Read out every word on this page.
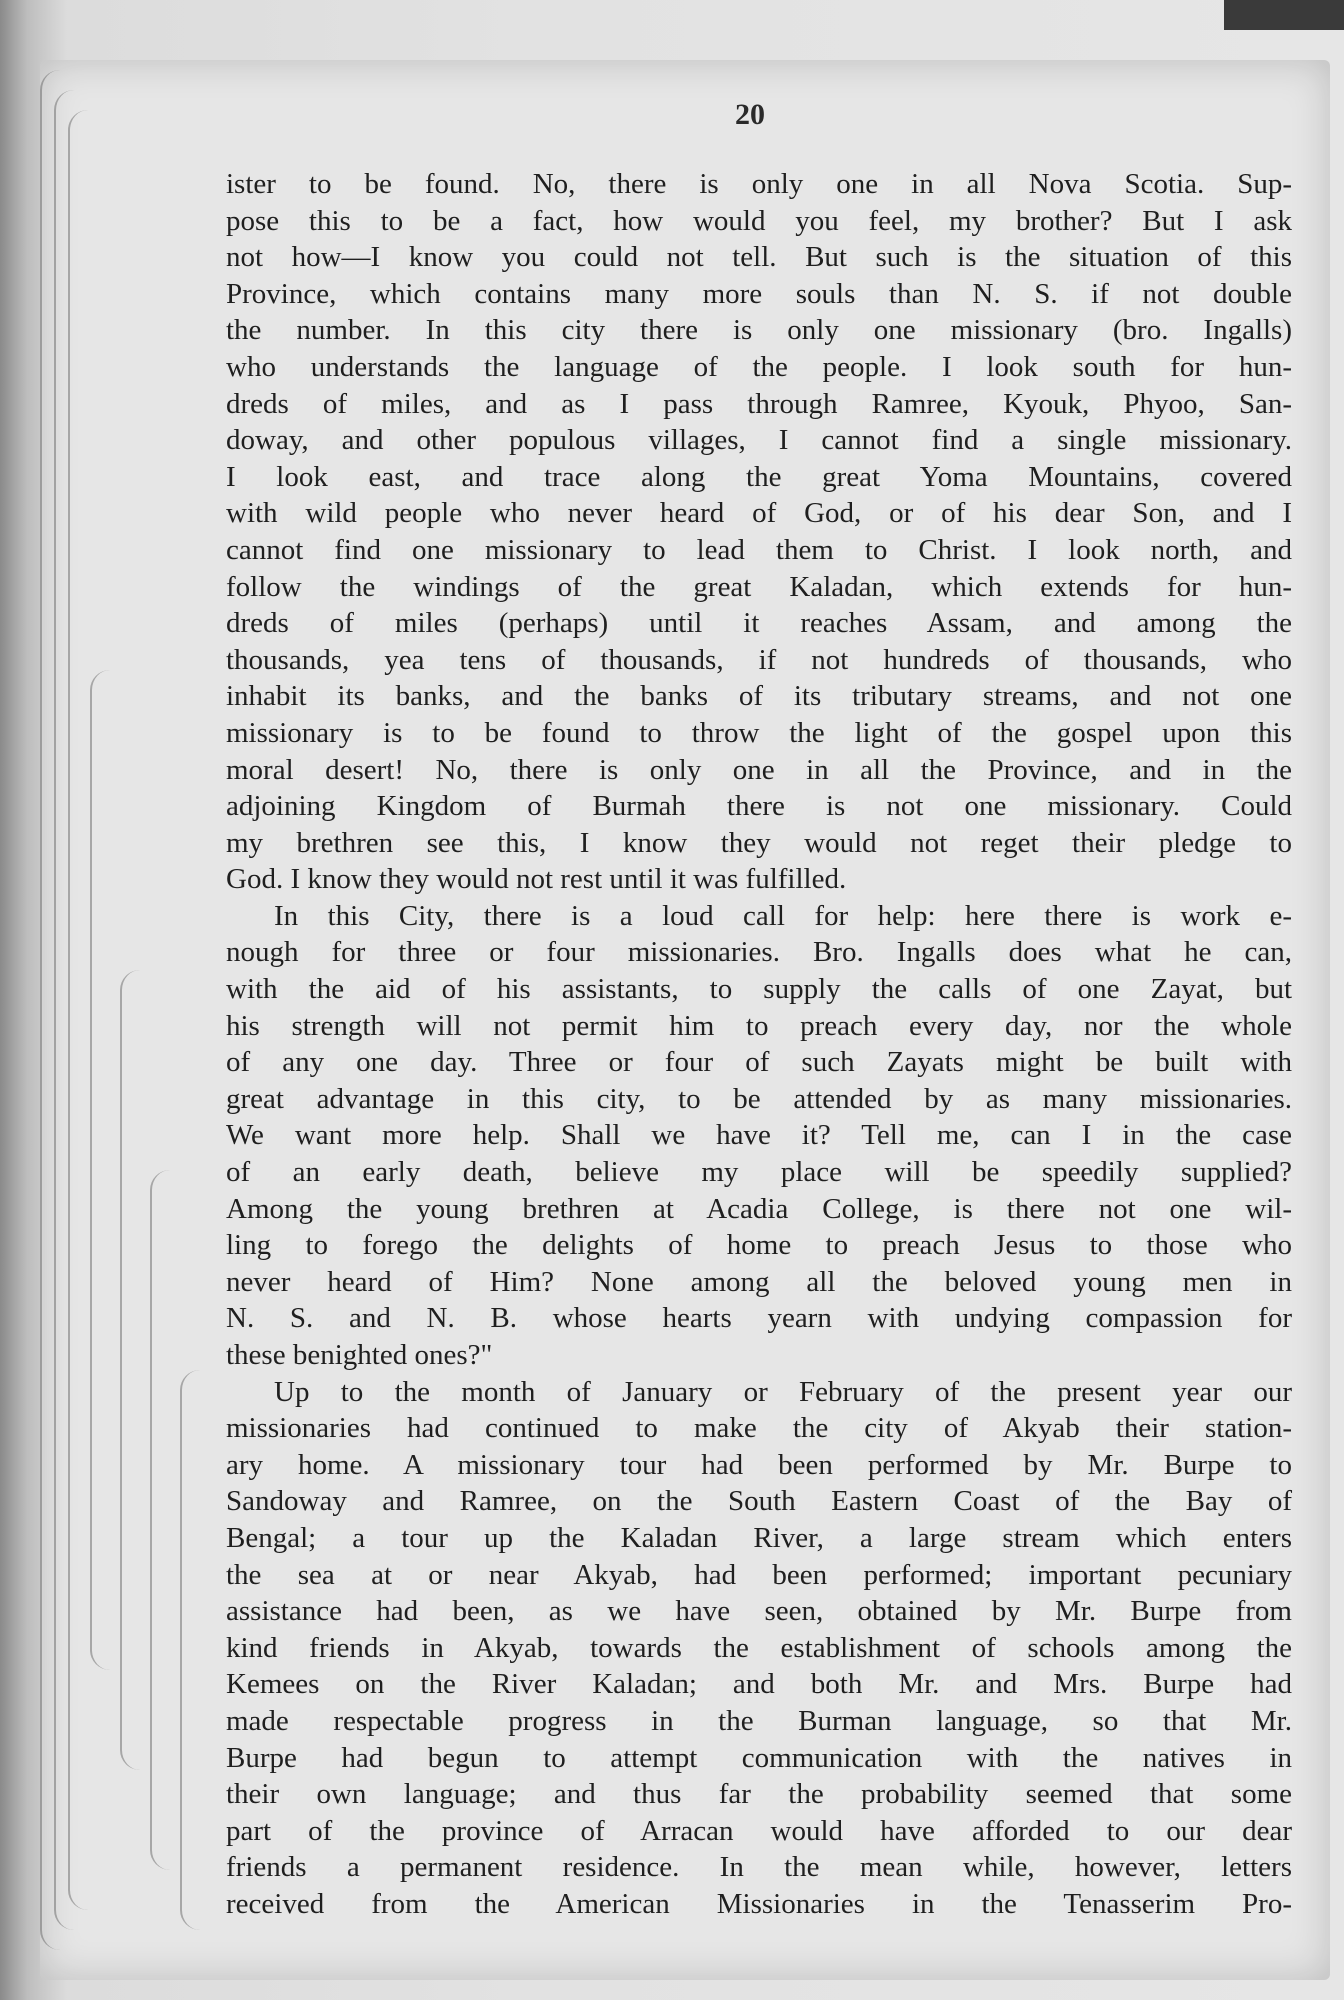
20
ister to be found. No, there is only one in all Nova Scotia. Sup-
pose this to be a fact, how would you feel, my brother? But I ask
not how—I know you could not tell. But such is the situation of this
Province, which contains many more souls than N. S. if not double
the number. In this city there is only one missionary (bro. Ingalls)
who understands the language of the people. I look south for hun-
dreds of miles, and as I pass through Ramree, Kyouk, Phyoo, San-
doway, and other populous villages, I cannot find a single missionary.
I look east, and trace along the great Yoma Mountains, covered
with wild people who never heard of God, or of his dear Son, and I
cannot find one missionary to lead them to Christ. I look north, and
follow the windings of the great Kaladan, which extends for hun-
dreds of miles (perhaps) until it reaches Assam, and among the
thousands, yea tens of thousands, if not hundreds of thousands, who
inhabit its banks, and the banks of its tributary streams, and not one
missionary is to be found to throw the light of the gospel upon this
moral desert! No, there is only one in all the Province, and in the
adjoining Kingdom of Burmah there is not one missionary. Could
my brethren see this, I know they would not reget their pledge to
God. I know they would not rest until it was fulfilled.
In this City, there is a loud call for help: here there is work e-
nough for three or four missionaries. Bro. Ingalls does what he can,
with the aid of his assistants, to supply the calls of one Zayat, but
his strength will not permit him to preach every day, nor the whole
of any one day. Three or four of such Zayats might be built with
great advantage in this city, to be attended by as many missionaries.
We want more help. Shall we have it? Tell me, can I in the case
of an early death, believe my place will be speedily supplied?
Among the young brethren at Acadia College, is there not one wil-
ling to forego the delights of home to preach Jesus to those who
never heard of Him? None among all the beloved young men in
N. S. and N. B. whose hearts yearn with undying compassion for
these benighted ones?"
Up to the month of January or February of the present year our
missionaries had continued to make the city of Akyab their station-
ary home. A missionary tour had been performed by Mr. Burpe to
Sandoway and Ramree, on the South Eastern Coast of the Bay of
Bengal; a tour up the Kaladan River, a large stream which enters
the sea at or near Akyab, had been performed; important pecuniary
assistance had been, as we have seen, obtained by Mr. Burpe from
kind friends in Akyab, towards the establishment of schools among the
Kemees on the River Kaladan; and both Mr. and Mrs. Burpe had
made respectable progress in the Burman language, so that Mr.
Burpe had begun to attempt communication with the natives in
their own language; and thus far the probability seemed that some
part of the province of Arracan would have afforded to our dear
friends a permanent residence. In the mean while, however, letters
received from the American Missionaries in the Tenasserim Pro-
